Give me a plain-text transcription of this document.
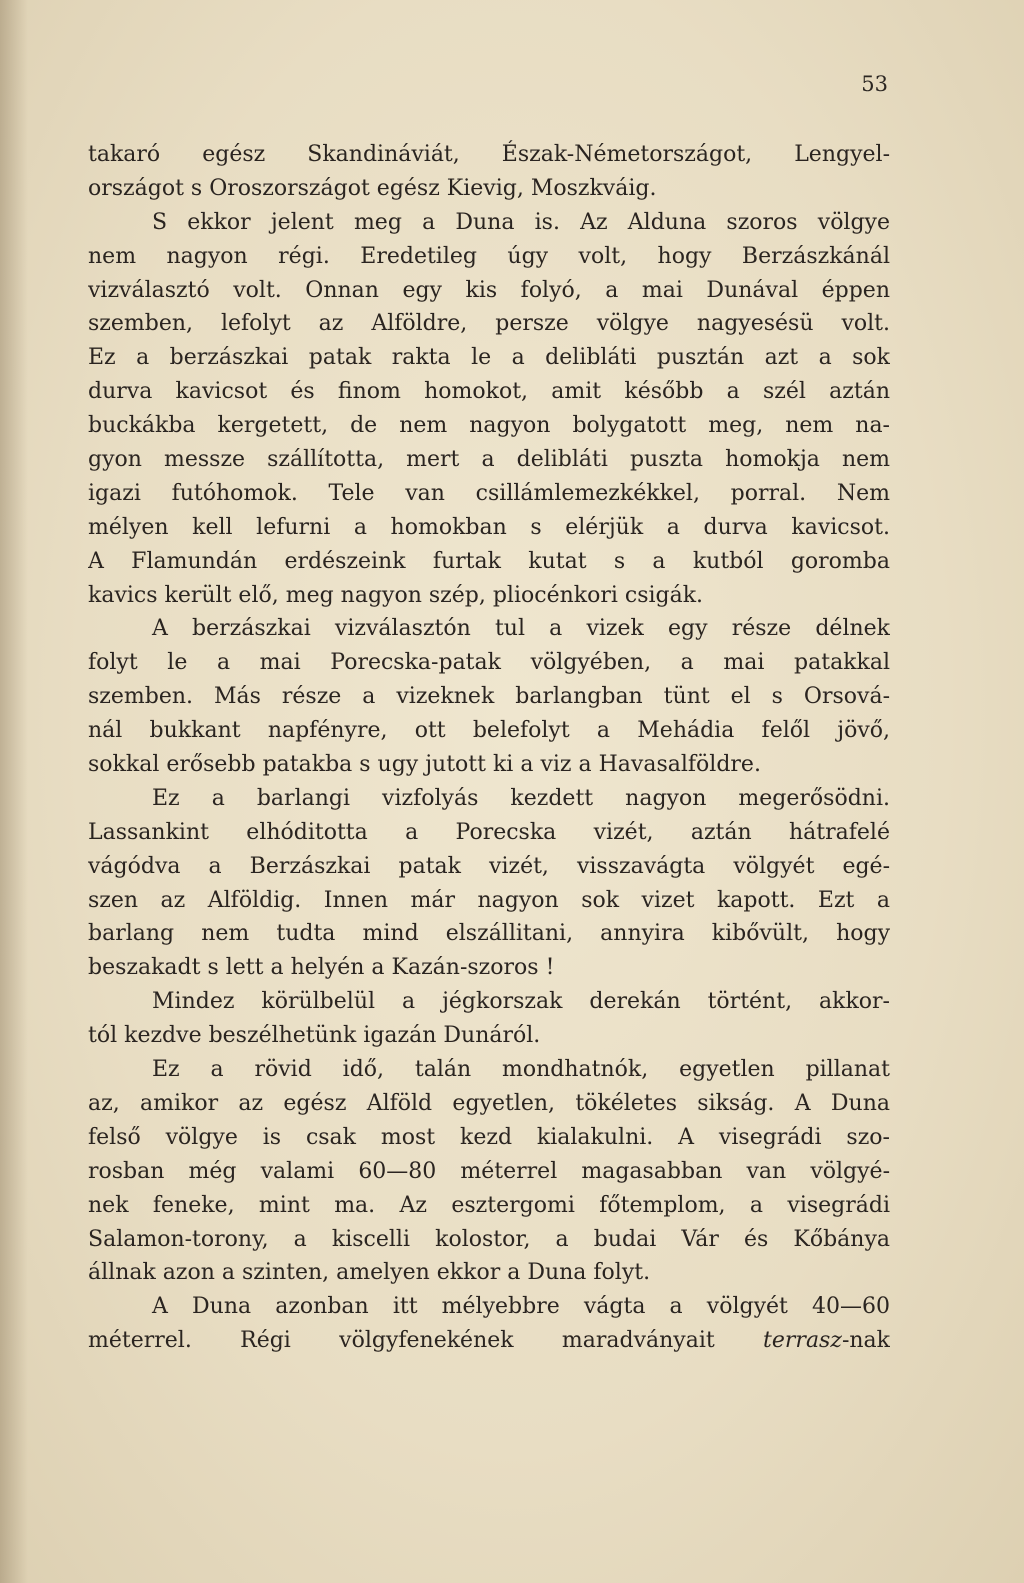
53
takaró egész Skandináviát, Észak-Németországot, Lengyel-
országot s Oroszországot egész Kievig, Moszkváig.
S ekkor jelent meg a Duna is. Az Alduna szoros völgye
nem nagyon régi. Eredetileg úgy volt, hogy Berzászkánál
vizválasztó volt. Onnan egy kis folyó, a mai Dunával éppen
szemben, lefolyt az Alföldre, persze völgye nagyesésü volt.
Ez a berzászkai patak rakta le a delibláti pusztán azt a sok
durva kavicsot és finom homokot, amit később a szél aztán
buckákba kergetett, de nem nagyon bolygatott meg, nem na-
gyon messze szállította, mert a delibláti puszta homokja nem
igazi futóhomok. Tele van csillámlemezkékkel, porral. Nem
mélyen kell lefurni a homokban s elérjük a durva kavicsot.
A Flamundán erdészeink furtak kutat s a kutból goromba
kavics került elő, meg nagyon szép, pliocénkori csigák.
A berzászkai vizválasztón tul a vizek egy része délnek
folyt le a mai Porecska-patak völgyében, a mai patakkal
szemben. Más része a vizeknek barlangban tünt el s Orsová-
nál bukkant napfényre, ott belefolyt a Mehádia felől jövő,
sokkal erősebb patakba s ugy jutott ki a viz a Havasalföldre.
Ez a barlangi vizfolyás kezdett nagyon megerősödni.
Lassankint elhóditotta a Porecska vizét, aztán hátrafelé
vágódva a Berzászkai patak vizét, visszavágta völgyét egé-
szen az Alföldig. Innen már nagyon sok vizet kapott. Ezt a
barlang nem tudta mind elszállitani, annyira kibővült, hogy
beszakadt s lett a helyén a Kazán-szoros !
Mindez körülbelül a jégkorszak derekán történt, akkor-
tól kezdve beszélhetünk igazán Dunáról.
Ez a rövid idő, talán mondhatnók, egyetlen pillanat
az, amikor az egész Alföld egyetlen, tökéletes sikság. A Duna
felső völgye is csak most kezd kialakulni. A visegrádi szo-
rosban még valami 60—80 méterrel magasabban van völgyé-
nek feneke, mint ma. Az esztergomi főtemplom, a visegrádi
Salamon-torony, a kiscelli kolostor, a budai Vár és Kőbánya
állnak azon a szinten, amelyen ekkor a Duna folyt.
A Duna azonban itt mélyebbre vágta a völgyét 40—60
méterrel. Régi völgyfenekének maradványait terrasz-nak
